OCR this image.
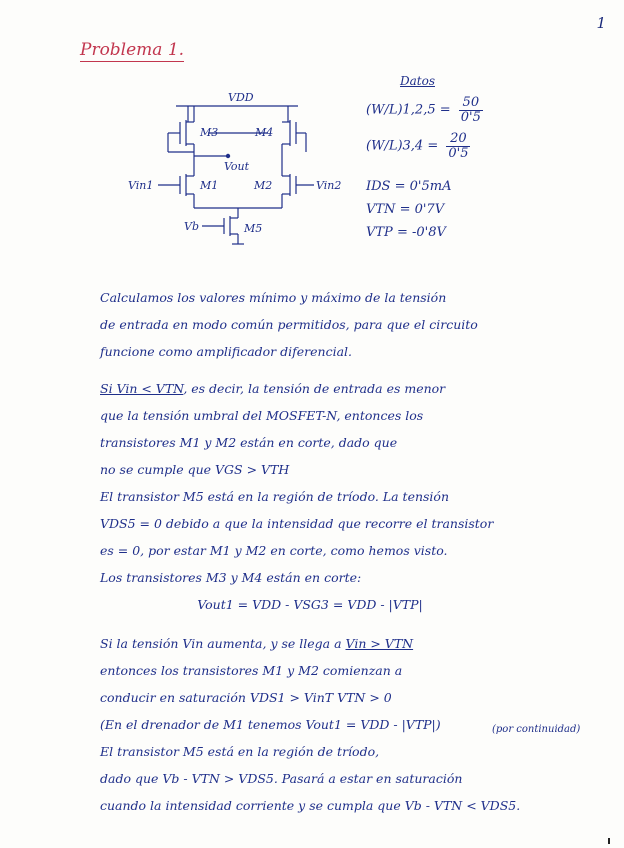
1
Problema 1.
VDD
M3	M4
Vout
Vin1	M1	M2	Vin2
Vb	M5
Datos
$(W/L)1,2,5 = \frac{50}{0'5}$
$(W/L)3,4 = \frac{20}{0'5}$
IDS = 0'5mA
VTN = 0'7V
VTP = -0'8V
Calculamos los valores mínimo y máximo de la tensión
de entrada en modo común permitidos, para que el circuito
funcione como amplificador diferencial.
Si Vin < VTN, es decir, la tensión de entrada es menor
que la tensión umbral del MOSFET-N, entonces los
transistores M1 y M2 están en corte, dado que
no se cumple que VGS > VTH
El transistor M5 está en la región de tríodo. La tensión
VDS5 = 0 debido a que la intensidad que recorre el transistor
es = 0, por estar M1 y M2 en corte, como hemos visto.
Los transistores M3 y M4 están en corte:
Vout1 = VDD - VSG3 = VDD - |VTP|
Si la tensión Vin aumenta, y se llega a Vin > VTN
entonces los transistores M1 y M2 comienzan a
conducir en saturación VDS1 > VinT VTN > 0
(En el drenador de M1 tenemos Vout1 = VDD - |VTP|)	(por continuidad)
El transistor M5 está en la región de tríodo,
dado que Vb - VTN > VDS5. Pasará a estar en saturación
cuando la intensidad corriente y se cumpla que Vb - VTN < VDS5.
